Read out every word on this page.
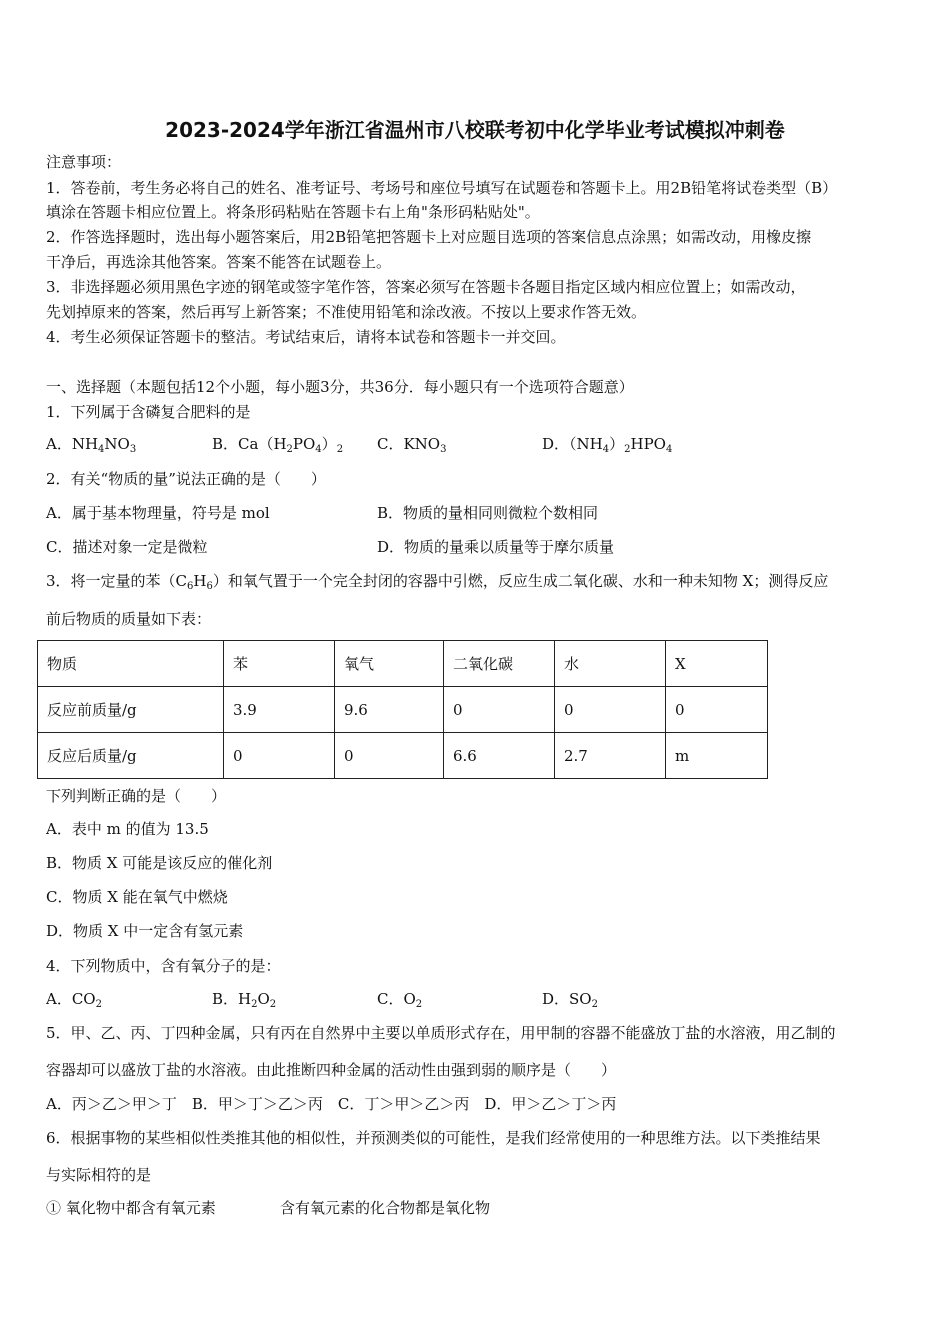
2023-2024学年浙江省温州市八校联考初中化学毕业考试模拟冲刺卷
注意事项：
1．答卷前，考生务必将自己的姓名、准考证号、考场号和座位号填写在试题卷和答题卡上。用2B铅笔将试卷类型（B）
填涂在答题卡相应位置上。将条形码粘贴在答题卡右上角"条形码粘贴处"。
2．作答选择题时，选出每小题答案后，用2B铅笔把答题卡上对应题目选项的答案信息点涂黑；如需改动，用橡皮擦
干净后，再选涂其他答案。答案不能答在试题卷上。
3．非选择题必须用黑色字迹的钢笔或签字笔作答，答案必须写在答题卡各题目指定区域内相应位置上；如需改动，
先划掉原来的答案，然后再写上新答案；不准使用铅笔和涂改液。不按以上要求作答无效。
4．考生必须保证答题卡的整洁。考试结束后，请将本试卷和答题卡一并交回。
一、选择题（本题包括12个小题，每小题3分，共36分．每小题只有一个选项符合题意）
1．下列属于含磷复合肥料的是
A．$NH_4NO_3$	B．$Ca(H_2PO_4)_2$ C．$KNO_3$	D．$(NH_4)_2HPO_4$
2．有关“物质的量”说法正确的是（　　）
A．属于基本物理量，符号是 mol	B．物质的量相同则微粒个数相同
C．描述对象一定是微粒	D．物质的量乘以质量等于摩尔质量
3．将一定量的苯$(C_6H_6)$和氧气置于一个完全封闭的容器中引燃，反应生成二氧化碳、水和一种未知物 X；测得反应
前后物质的质量如下表：
物质	苯	氧气	二氧化碳	水	X
反应前质量/g	3.9	9.6	0	0	0
反应后质量/g	0	0	6.6	2.7	m
下列判断正确的是（　　）
A．表中 m 的值为 13.5
B．物质 X 可能是该反应的催化剂
C．物质 X 能在氧气中燃烧
D．物质 X 中一定含有氢元素
4．下列物质中，含有氧分子的是：
A．$CO_2$	B．$H_2O_2$	C．$O_2$	D．$SO_2$
5．甲、乙、丙、丁四种金属，只有丙在自然界中主要以单质形式存在，用甲制的容器不能盛放丁盐的水溶液，用乙制的
容器却可以盛放丁盐的水溶液。由此推断四种金属的活动性由强到弱的顺序是（　　）
A．丙＞乙＞甲＞丁　B．甲＞丁＞乙＞丙　C．丁＞甲＞乙＞丙　D．甲＞乙＞丁＞丙
6．根据事物的某些相似性类推其他的相似性，并预测类似的可能性，是我们经常使用的一种思维方法。以下类推结果
与实际相符的是
① 氧化物中都含有氧元素	含有氧元素的化合物都是氧化物
